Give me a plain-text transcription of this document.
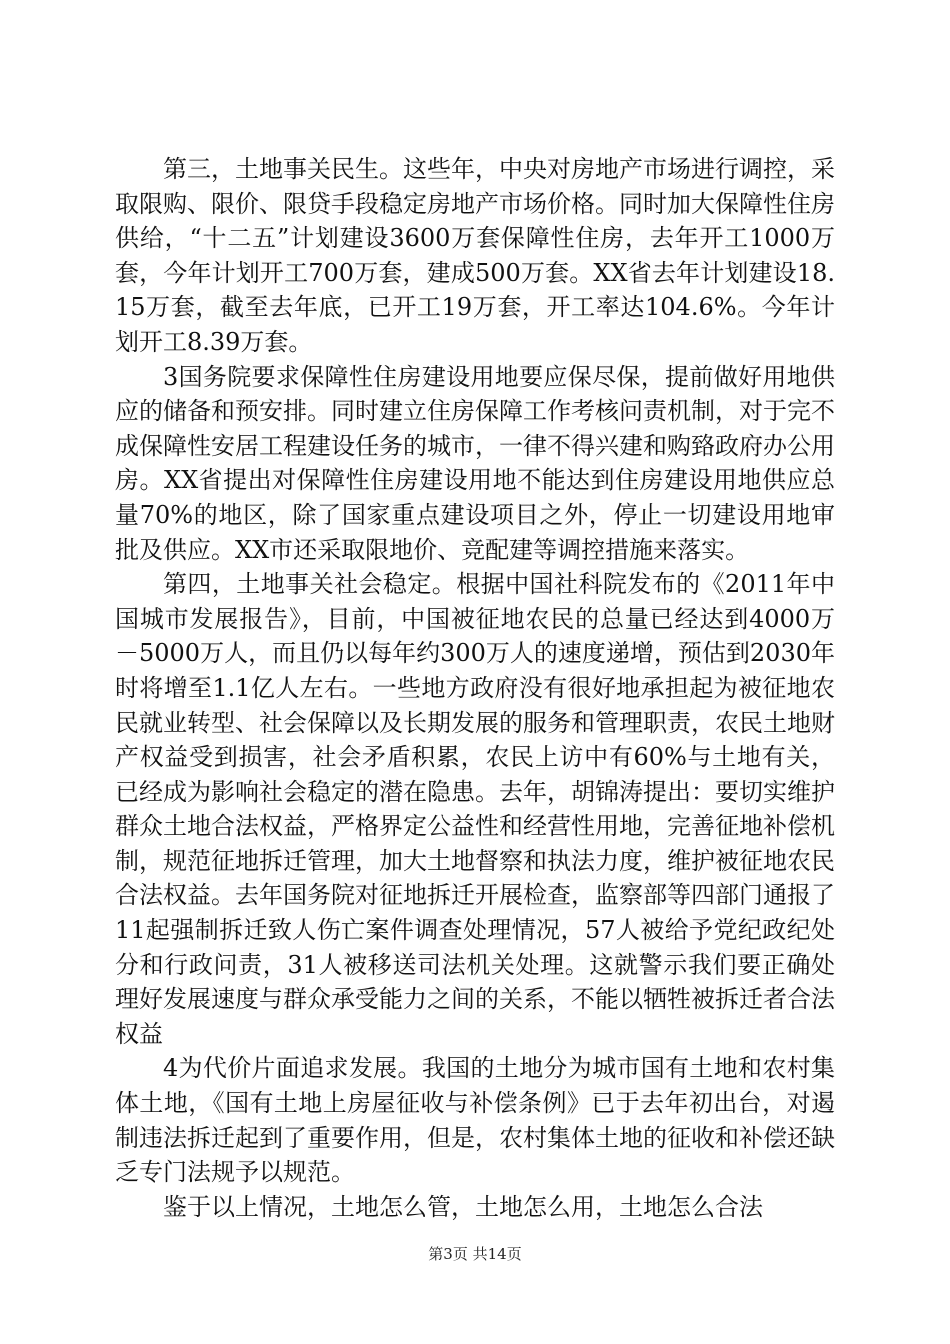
第三，土地事关民生。这些年，中央对房地产市场进行调控，采取限购、限价、限贷手段稳定房地产市场价格。同时加大保障性住房供给，“十二五”计划建设3600万套保障性住房，去年开工1000万套，今年计划开工700万套，建成500万套。XX省去年计划建设18.15万套，截至去年底，已开工19万套，开工率达104.6%。今年计划开工8.39万套。

3国务院要求保障性住房建设用地要应保尽保，提前做好用地供应的储备和预安排。同时建立住房保障工作考核问责机制，对于完不成保障性安居工程建设任务的城市，一律不得兴建和购臵政府办公用房。XX省提出对保障性住房建设用地不能达到住房建设用地供应总量70%的地区，除了国家重点建设项目之外，停止一切建设用地审批及供应。XX市还采取限地价、竞配建等调控措施来落实。

第四，土地事关社会稳定。根据中国社科院发布的《2011年中国城市发展报告》，目前，中国被征地农民的总量已经达到4000万－5000万人，而且仍以每年约300万人的速度递增，预估到2030年时将增至1.1亿人左右。一些地方政府没有很好地承担起为被征地农民就业转型、社会保障以及长期发展的服务和管理职责，农民土地财产权益受到损害，社会矛盾积累，农民上访中有60%与土地有关，已经成为影响社会稳定的潜在隐患。去年，胡锦涛提出：要切实维护群众土地合法权益，严格界定公益性和经营性用地，完善征地补偿机制，规范征地拆迁管理，加大土地督察和执法力度，维护被征地农民合法权益。去年国务院对征地拆迁开展检查，监察部等四部门通报了11起强制拆迁致人伤亡案件调查处理情况，57人被给予党纪政纪处分和行政问责，31人被移送司法机关处理。这就警示我们要正确处理好发展速度与群众承受能力之间的关系，不能以牺牲被拆迁者合法权益

4为代价片面追求发展。我国的土地分为城市国有土地和农村集体土地，《国有土地上房屋征收与补偿条例》已于去年初出台，对遏制违法拆迁起到了重要作用，但是，农村集体土地的征收和补偿还缺乏专门法规予以规范。

鉴于以上情况，土地怎么管，土地怎么用，土地怎么合法

第3页 共14页
